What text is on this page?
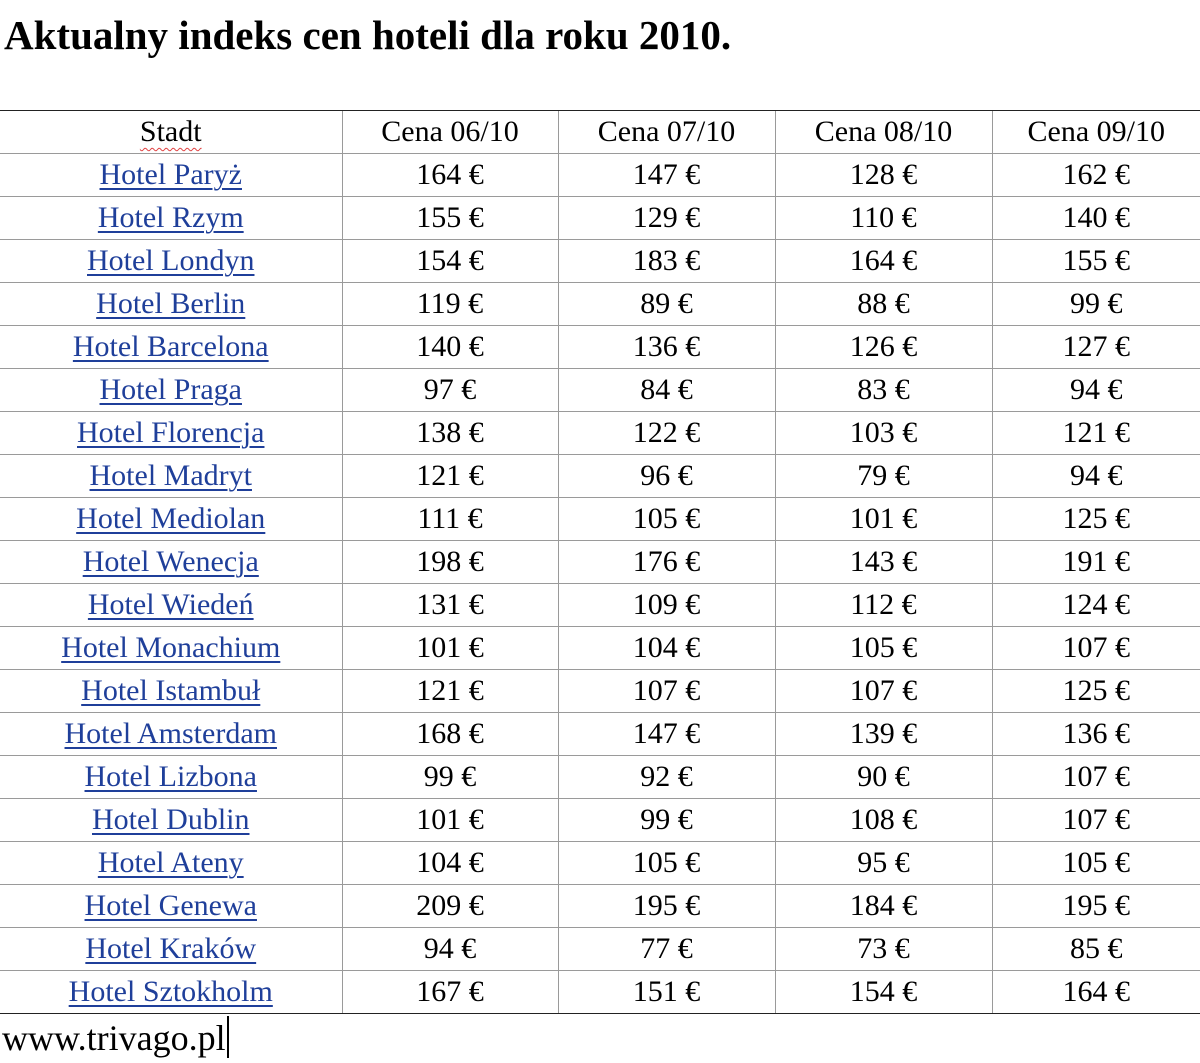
Aktualny indeks cen hoteli dla roku 2010.
Stadt	Cena 06/10	Cena 07/10	Cena 08/10	Cena 09/10
Hotel Paryż	164 €	147 €	128 €	162 €
Hotel Rzym	155 €	129 €	110 €	140 €
Hotel Londyn	154 €	183 €	164 €	155 €
Hotel Berlin	119 €	89 €	88 €	99 €
Hotel Barcelona	140 €	136 €	126 €	127 €
Hotel Praga	97 €	84 €	83 €	94 €
Hotel Florencja	138 €	122 €	103 €	121 €
Hotel Madryt	121 €	96 €	79 €	94 €
Hotel Mediolan	111 €	105 €	101 €	125 €
Hotel Wenecja	198 €	176 €	143 €	191 €
Hotel Wiedeń	131 €	109 €	112 €	124 €
Hotel Monachium	101 €	104 €	105 €	107 €
Hotel Istambuł	121 €	107 €	107 €	125 €
Hotel Amsterdam	168 €	147 €	139 €	136 €
Hotel Lizbona	99 €	92 €	90 €	107 €
Hotel Dublin	101 €	99 €	108 €	107 €
Hotel Ateny	104 €	105 €	95 €	105 €
Hotel Genewa	209 €	195 €	184 €	195 €
Hotel Kraków	94 €	77 €	73 €	85 €
Hotel Sztokholm	167 €	151 €	154 €	164 €
www.trivago.pl
